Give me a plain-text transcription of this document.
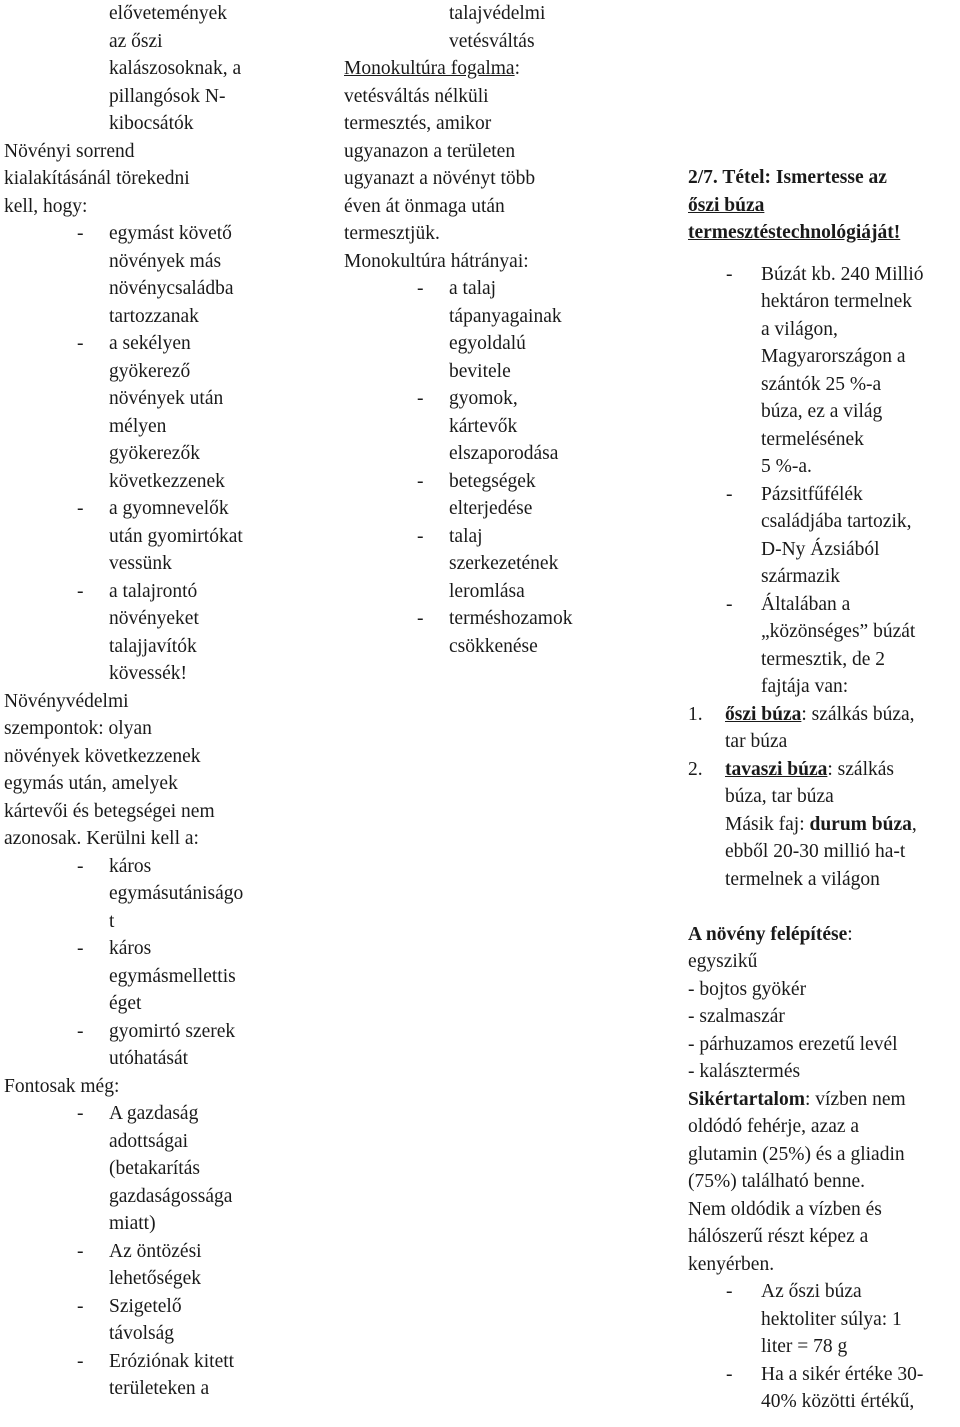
elővetemények
az őszi
kalászosoknak, a
pillangósok N-
kibocsátók
Növényi sorrend
kialakításánál törekedni
kell, hogy:
- egymást követő
növények más
növénycsaládba
tartozzanak
- a sekélyen
gyökerező
növények után
mélyen
gyökerezők
következzenek
- a gyomnevelők
után gyomirtókat
vessünk
- a talajrontó
növényeket
talajjavítók
kövessék!
Növényvédelmi
szempontok: olyan
növények következzenek
egymás után, amelyek
kártevői és betegségei nem
azonosak. Kerülni kell a:
- káros
egymásutániságo
t
- káros
egymásmellettis
éget
- gyomirtó szerek
utóhatását
Fontosak még:
- A gazdaság
adottságai
(betakarítás
gazdaságossága
miatt)
- Az öntözési
lehetőségek
- Szigetelő
távolság
- Eróziónak kitett
területeken a
talajvédelmi
vetésváltás
Monokultúra fogalma:
vetésváltás nélküli
termesztés, amikor
ugyanazon a területen
ugyanazt a növényt több
éven át önmaga után
termesztjük.
Monokultúra hátrányai:
- a talaj
tápanyagainak
egyoldalú
bevitele
- gyomok,
kártevők
elszaporodása
- betegségek
elterjedése
- talaj
szerkezetének
leromlása
- terméshozamok
csökkenése
2/7. Tétel: Ismertesse az
őszi búza
termesztéstechnológiáját!
- Búzát kb. 240 Millió
hektáron termelnek
a világon,
Magyarországon a
szántók 25 %-a
búza, ez a világ
termelésének
5 %-a.
- Pázsitfűfélék
családjába tartozik,
D-Ny Ázsiából
származik
- Általában a
„közönséges” búzát
termesztik, de 2
fajtája van:
1. őszi búza: szálkás búza,
tar búza
2. tavaszi búza: szálkás
búza, tar búza
Másik faj: durum búza,
ebből 20-30 millió ha-t
termelnek a világon
A növény felépítése:
egyszikű
- bojtos gyökér
- szalmaszár
- párhuzamos erezetű levél
- kalásztermés
Sikértartalom: vízben nem
oldódó fehérje, azaz a
glutamin (25%) és a gliadin
(75%) található benne.
Nem oldódik a vízben és
hálószerű részt képez a
kenyérben.
- Az őszi búza
hektoliter súlya: 1
liter = 78 g
- Ha a sikér értéke 30-
40% közötti értékű,
